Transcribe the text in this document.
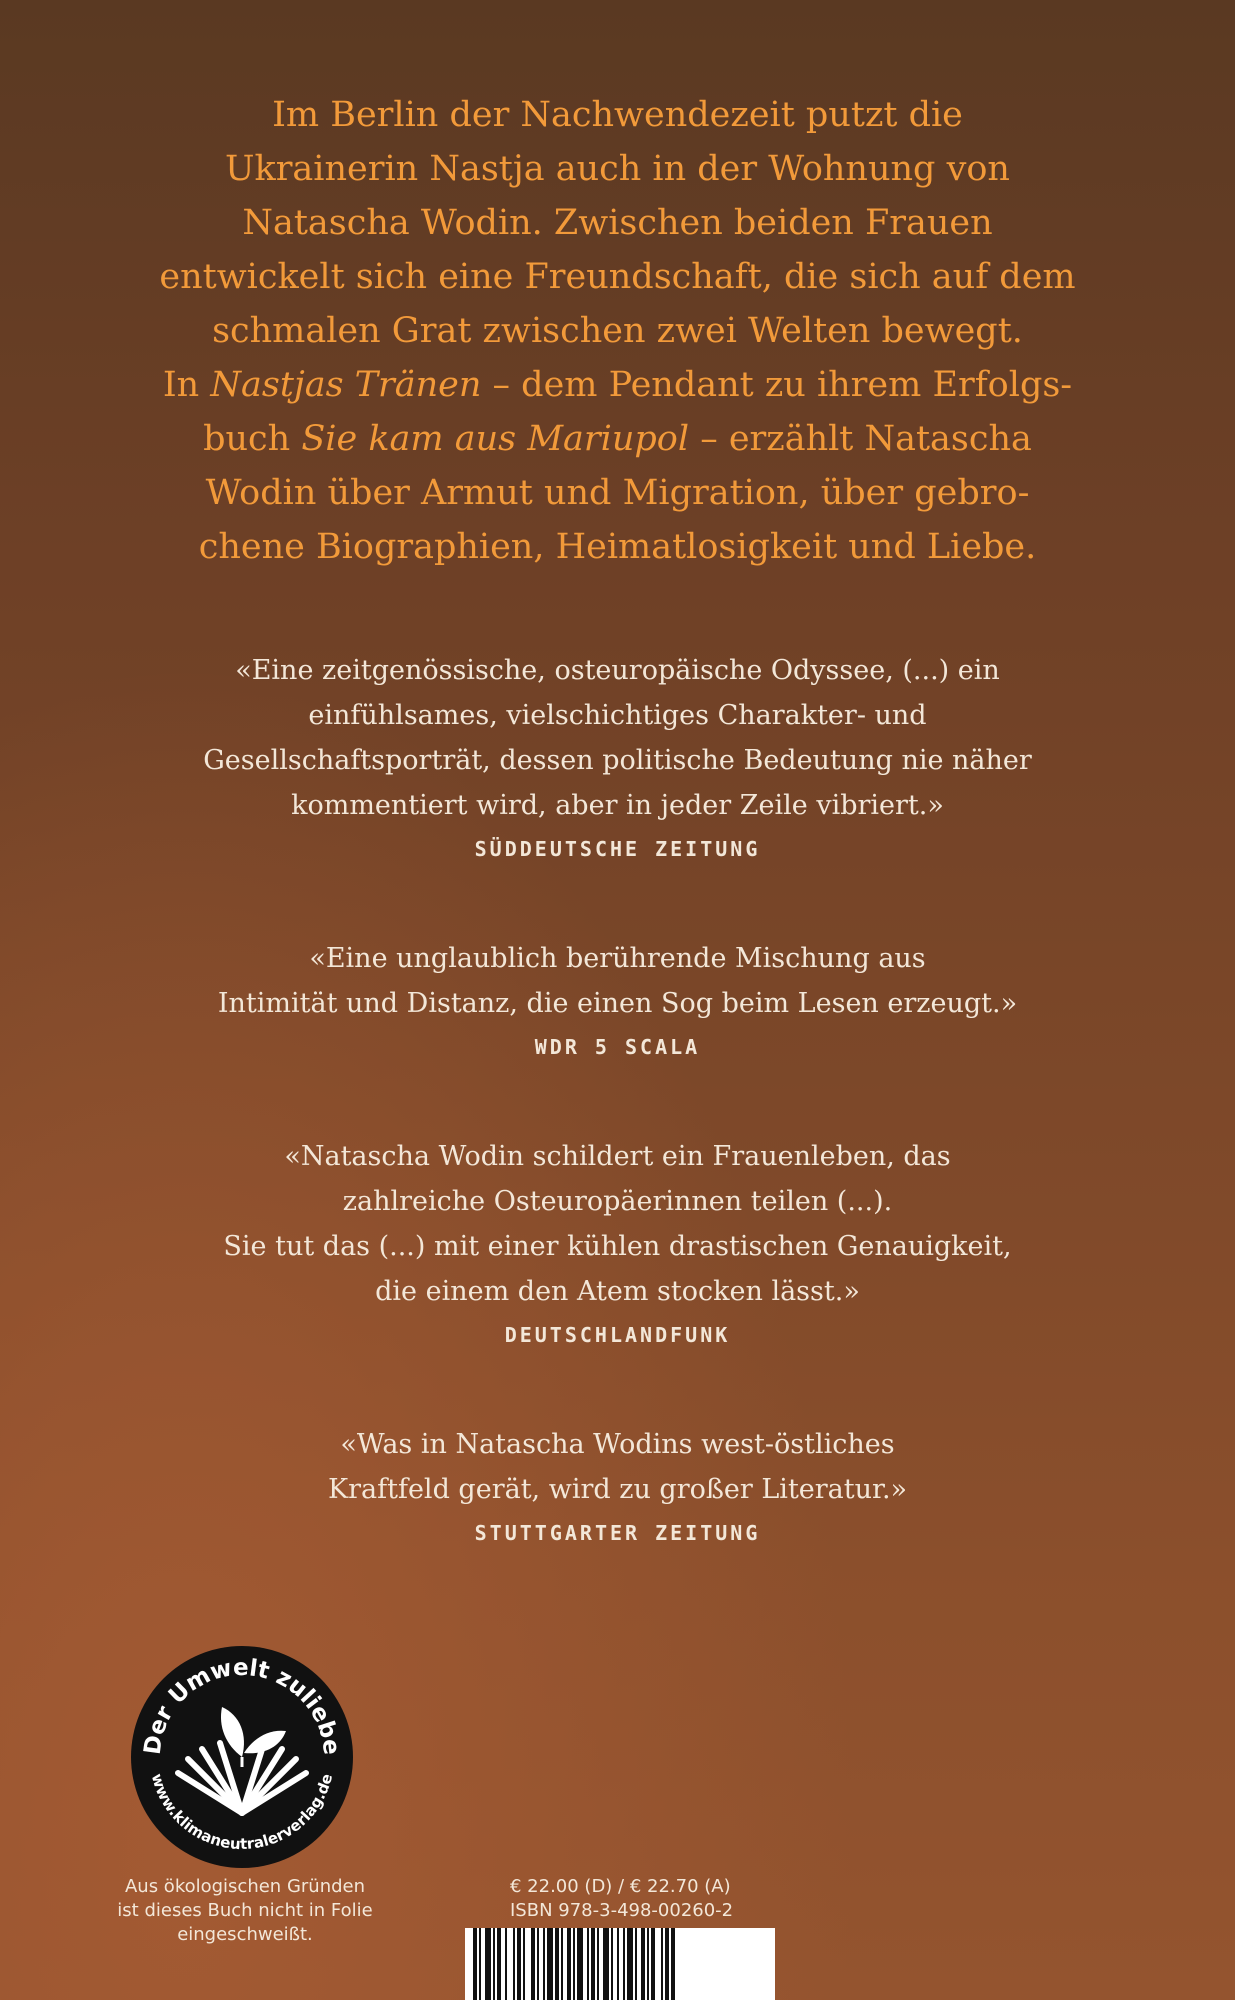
Im Berlin der Nachwendezeit putzt die
Ukrainerin Nastja auch in der Wohnung von
Natascha Wodin. Zwischen beiden Frauen
entwickelt sich eine Freundschaft, die sich auf dem
schmalen Grat zwischen zwei Welten bewegt.
In Nastjas Tränen – dem Pendant zu ihrem Erfolgs-
buch Sie kam aus Mariupol – erzählt Natascha
Wodin über Armut und Migration, über gebro-
chene Biographien, Heimatlosigkeit und Liebe.
«Eine zeitgenössische, osteuropäische Odyssee, (...) ein
einfühlsames, vielschichtiges Charakter- und
Gesellschaftsporträt, dessen politische Bedeutung nie näher
kommentiert wird, aber in jeder Zeile vibriert.»
SÜDDEUTSCHE ZEITUNG
«Eine unglaublich berührende Mischung aus
Intimität und Distanz, die einen Sog beim Lesen erzeugt.»
WDR 5 SCALA
«Natascha Wodin schildert ein Frauenleben, das
zahlreiche Osteuropäerinnen teilen (...).
Sie tut das (...) mit einer kühlen drastischen Genauigkeit,
die einem den Atem stocken lässt.»
DEUTSCHLANDFUNK
«Was in Natascha Wodins west-östliches
Kraftfeld gerät, wird zu großer Literatur.»
STUTTGARTER ZEITUNG
Der Umwelt zuliebe
www.klimaneutralerverlag.de
Aus ökologischen Gründen
ist dieses Buch nicht in Folie
eingeschweißt.
€ 22.00 (D) / € 22.70 (A)
ISBN 978-3-498-00260-2
